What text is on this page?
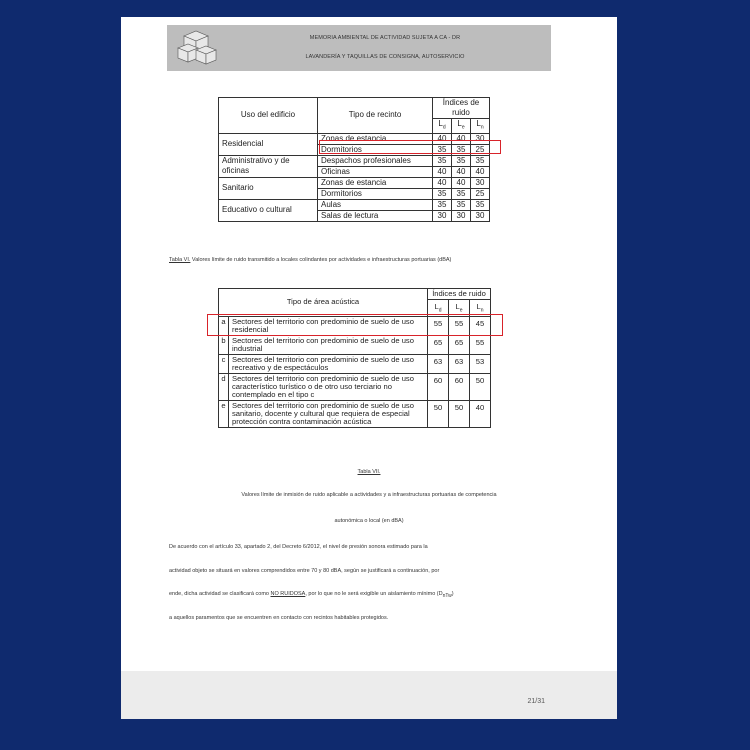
MEMORIA AMBIENTAL DE ACTIVIDAD SUJETA A CA - DR
LAVANDERÍA Y TAQUILLAS DE CONSIGNA, AUTOSERVICIO
Uso del edificio	Tipo de recinto	Índices de ruido		
		$L_d$	$L_e$	$L_n$
Residencial	Zonas de estancia	40	40	30
	Dormitorios	35	35	25
Administrativo y de oficinas	Despachos profesionales	35	35	35
	Oficinas	40	40	40
Sanitario	Zonas de estancia	40	40	30
	Dormitorios	35	35	25
Educativo o cultural	Aulas	35	35	35
	Salas de lectura	30	30	30
Tabla VI. Valores límite de ruido transmitido a locales colindantes por actividades e infraestructuras portuarias (dBA)
Tipo de área acústica		Índices de ruido		
		$L_d$	$L_e$	$L_n$
a	Sectores del territorio con predominio de suelo de uso residencial	55	55	45
b	Sectores del territorio con predominio de suelo de uso industrial	65	65	55
c	Sectores del territorio con predominio de suelo de uso recreativo y de espectáculos	63	63	53
d	Sectores del territorio con predominio de suelo de uso característico turístico o de otro uso terciario no contemplado en el tipo c	60	60	50
e	Sectores del territorio con predominio de suelo de uso sanitario, docente y cultural que requiera de especial protección contra contaminación acústica	50	50	40
Tabla VII.
Valores límite de inmisión de ruido aplicable a actividades y a infraestructuras portuarias de competencia
autonómica o local (en dBA)
De acuerdo con el artículo 33, apartado 2, del Decreto 6/2012, el nivel de presión sonora estimado para la
actividad objeto se situará en valores comprendidos entre 70 y 80 dBA, según se justificará a continuación, por
ende, dicha actividad se clasificará como NO RUIDOSA, por lo que no le será exigible un aislamiento mínimo (DnTw)
a aquellos paramentos que se encuentren en contacto con recintos habitables protegidos.
21/31
